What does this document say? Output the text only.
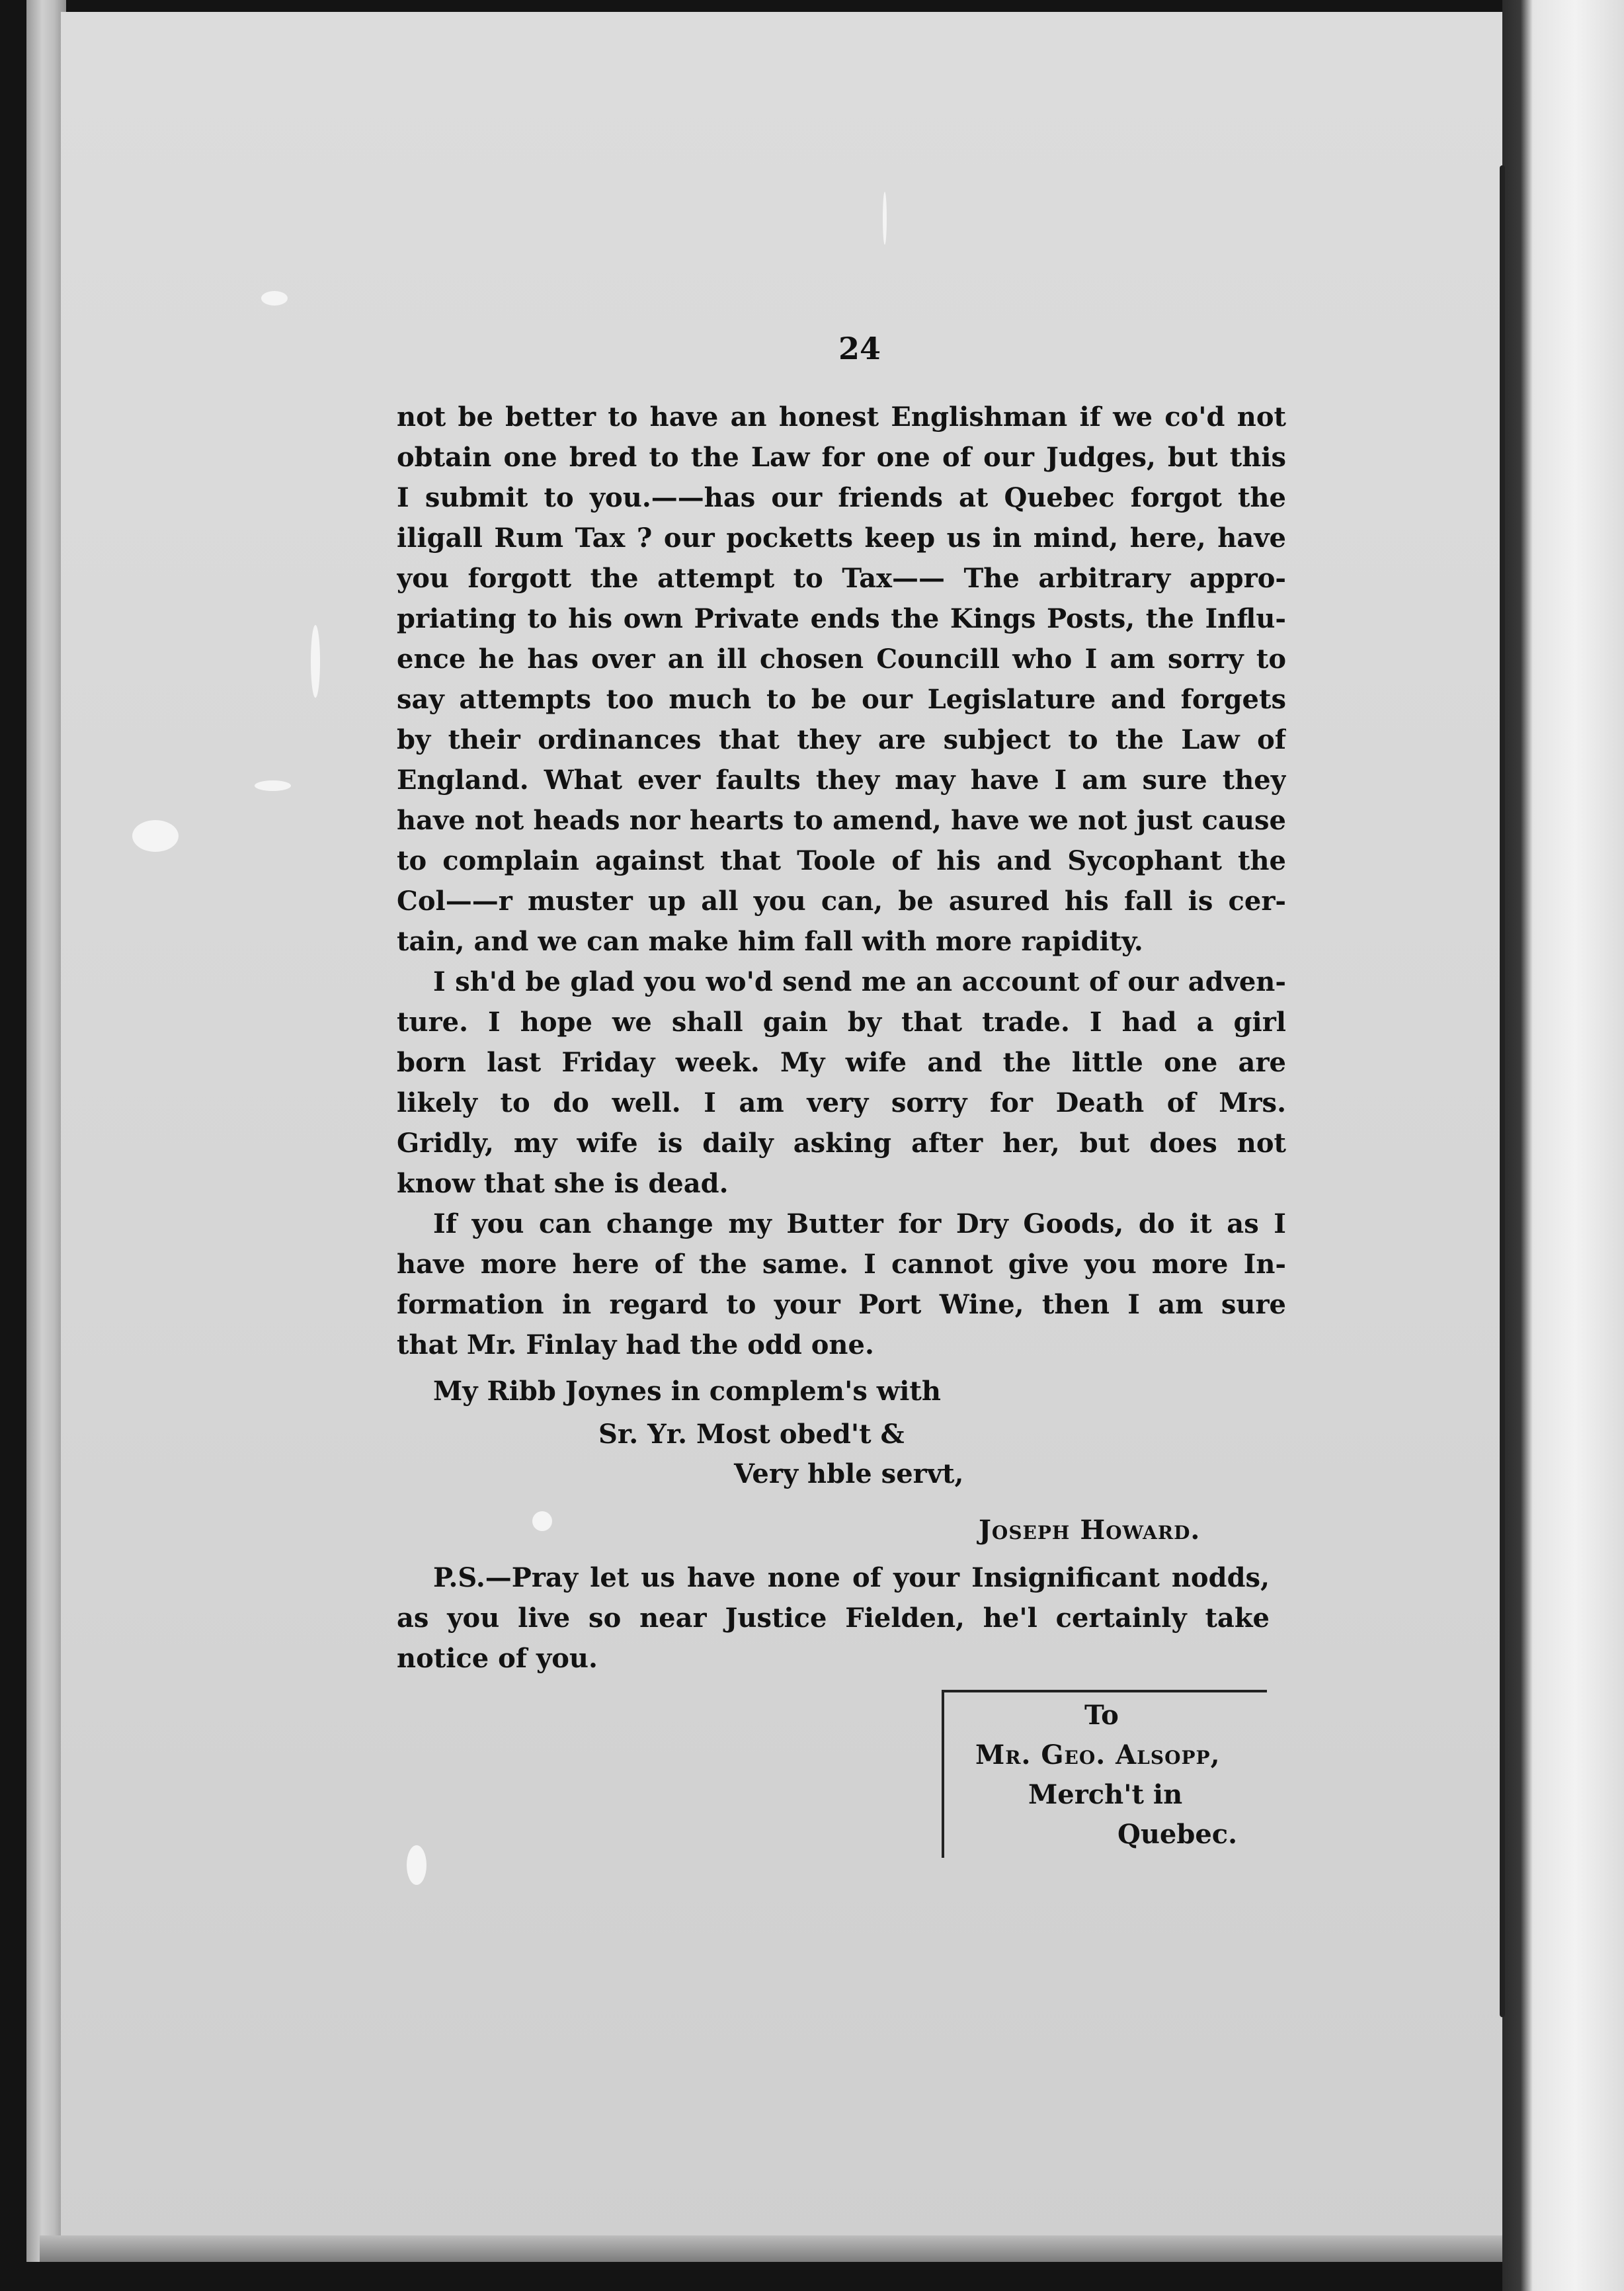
24
not be better to have an honest Englishman if we co'd not
obtain one bred to the Law for one of our Judges, but this
I submit to you.——has our friends at Quebec forgot the
iligall Rum Tax ? our pocketts keep us in mind, here, have
you forgott the attempt to Tax—— The arbitrary appro-
priating to his own Private ends the Kings Posts, the Influ-
ence he has over an ill chosen Councill who I am sorry to
say attempts too much to be our Legislature and forgets
by their ordinances that they are subject to the Law of
England. What ever faults they may have I am sure they
have not heads nor hearts to amend, have we not just cause
to complain against that Toole of his and Sycophant the
Col——r muster up all you can, be asured his fall is cer-
tain, and we can make him fall with more rapidity.
I sh'd be glad you wo'd send me an account of our adven-
ture. I hope we shall gain by that trade. I had a girl
born last Friday week. My wife and the little one are
likely to do well. I am very sorry for Death of Mrs.
Gridly, my wife is daily asking after her, but does not
know that she is dead.
If you can change my Butter for Dry Goods, do it as I
have more here of the same. I cannot give you more In-
formation in regard to your Port Wine, then I am sure
that Mr. Finlay had the odd one.
My Ribb Joynes in complem's with
Sr. Yr. Most obed't &
Very hble servt,
Joseph Howard.
P.S.—Pray let us have none of your Insignificant nodds,
as you live so near Justice Fielden, he'l certainly take
notice of you.
To
Mr. Geo. Alsopp,
Merch't in
Quebec.
